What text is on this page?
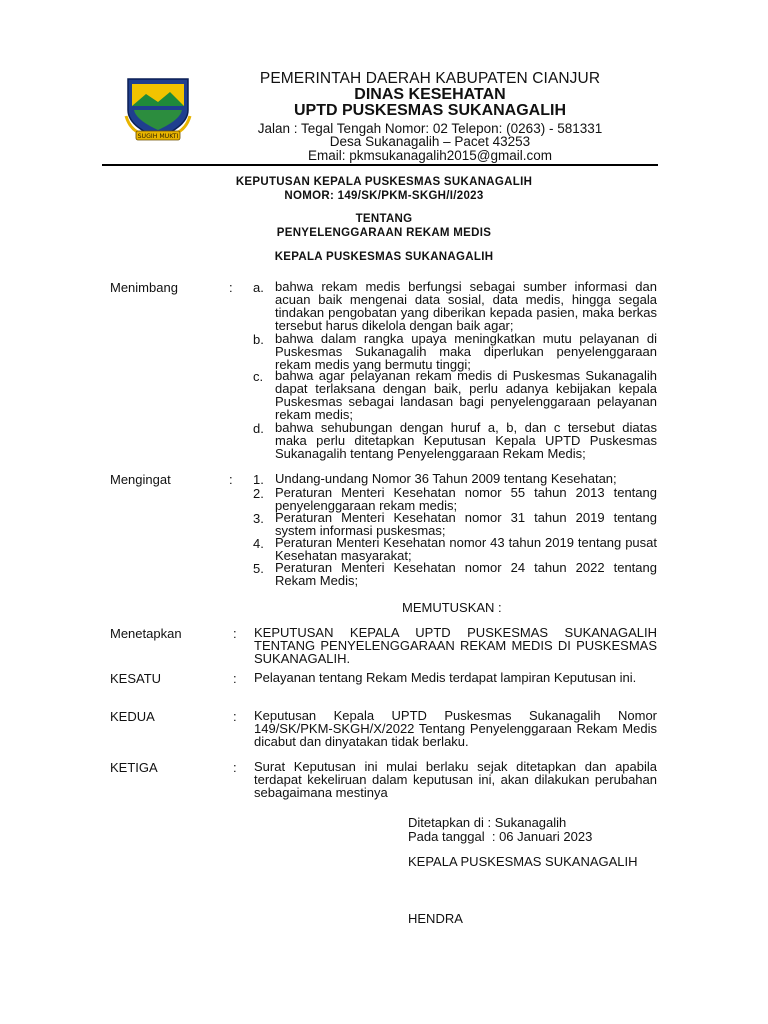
SUGIH MUKTI
PEMERINTAH DAERAH KABUPATEN CIANJUR
DINAS KESEHATAN
UPTD PUSKESMAS SUKANAGALIH
Jalan : Tegal Tengah Nomor: 02 Telepon: (0263) - 581331
Desa Sukanagalih – Pacet 43253
Email: pkmsukanagalih2015@gmail.com
KEPUTUSAN KEPALA PUSKESMAS SUKANAGALIH
NOMOR: 149/SK/PKM-SKGH/I/2023
TENTANG
PENYELENGGARAAN REKAM MEDIS
KEPALA PUSKESMAS SUKANAGALIH
Menimbang	: a. bahwa rekam medis berfungsi sebagai sumber informasi dan acuan baik mengenai data sosial, data medis, hingga segala tindakan pengobatan yang diberikan kepada pasien, maka berkas tersebut harus dikelola dengan baik agar;
b. bahwa dalam rangka upaya meningkatkan mutu pelayanan di Puskesmas Sukanagalih maka diperlukan penyelenggaraan rekam medis yang bermutu tinggi;
c. bahwa agar pelayanan rekam medis di Puskesmas Sukanagalih dapat terlaksana dengan baik, perlu adanya kebijakan kepala Puskesmas sebagai landasan bagi penyelenggaraan pelayanan rekam medis;
d. bahwa sehubungan dengan huruf a, b, dan c tersebut diatas maka perlu ditetapkan Keputusan Kepala UPTD Puskesmas Sukanagalih tentang Penyelenggaraan Rekam Medis;
Mengingat	: 1. Undang-undang Nomor 36 Tahun 2009 tentang Kesehatan;
2. Peraturan Menteri Kesehatan nomor 55 tahun 2013 tentang penyelenggaraan rekam medis;
3. Peraturan Menteri Kesehatan nomor 31 tahun 2019 tentang system informasi puskesmas;
4. Peraturan Menteri Kesehatan nomor 43 tahun 2019 tentang pusat Kesehatan masyarakat;
5. Peraturan Menteri Kesehatan nomor 24 tahun 2022 tentang Rekam Medis;
MEMUTUSKAN :
Menetapkan	: KEPUTUSAN KEPALA UPTD PUSKESMAS SUKANAGALIH TENTANG PENYELENGGARAAN REKAM MEDIS DI PUSKESMAS SUKANAGALIH.
KESATU	: Pelayanan tentang Rekam Medis terdapat lampiran Keputusan ini.
KEDUA	: Keputusan Kepala UPTD Puskesmas Sukanagalih Nomor 149/SK/PKM-SKGH/X/2022 Tentang Penyelenggaraan Rekam Medis dicabut dan dinyatakan tidak berlaku.
KETIGA	: Surat Keputusan ini mulai berlaku sejak ditetapkan dan apabila terdapat kekeliruan dalam keputusan ini, akan dilakukan perubahan sebagaimana mestinya
Ditetapkan di : Sukanagalih
Pada tanggal  : 06 Januari 2023
KEPALA PUSKESMAS SUKANAGALIH
HENDRA
